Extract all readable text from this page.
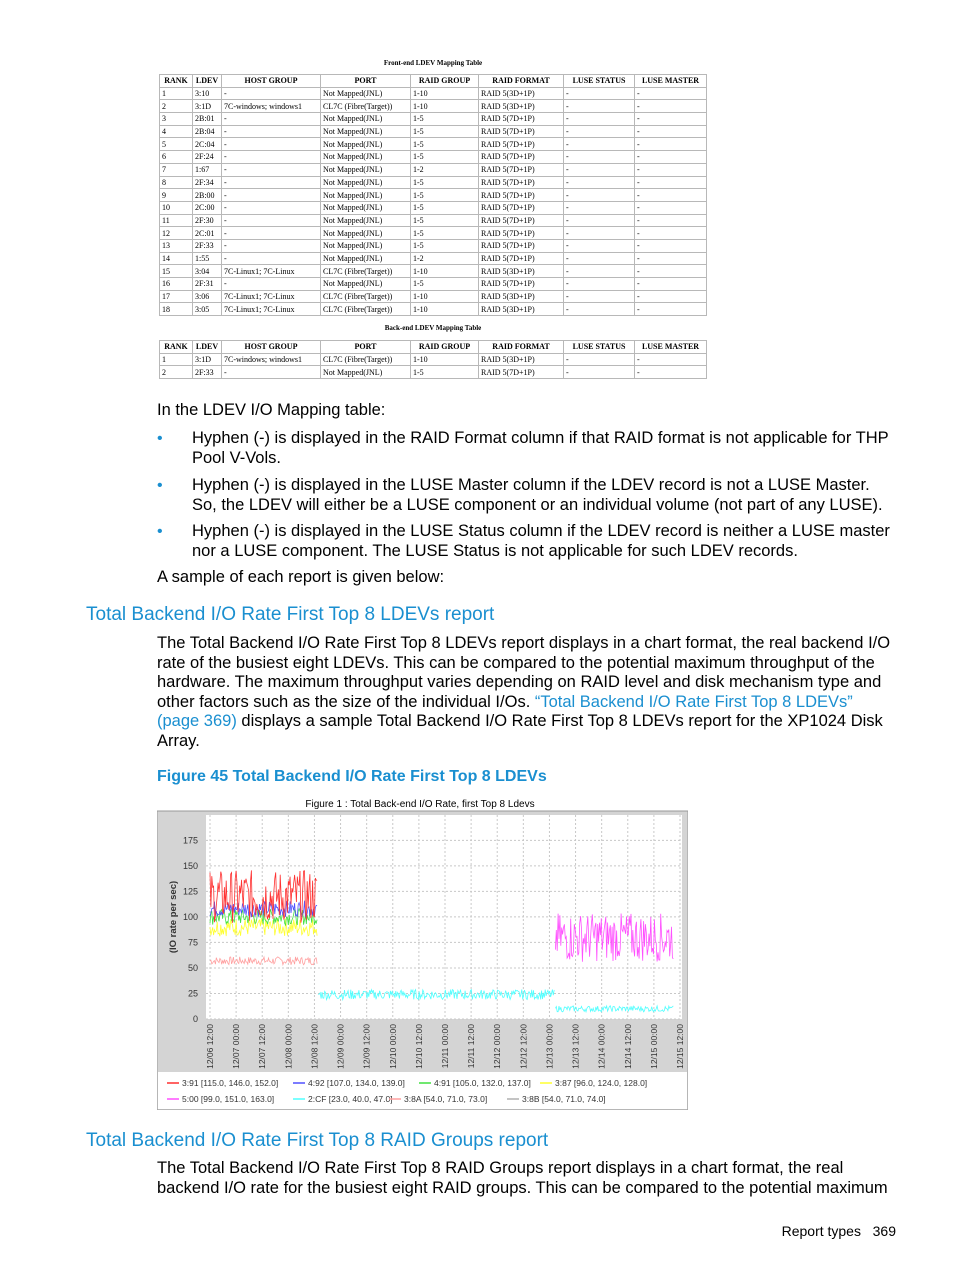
Front-end LDEV Mapping Table
RANK	LDEV	HOST GROUP	PORT	RAID GROUP	RAID FORMAT	LUSE STATUS	LUSE MASTER
1	3:10	-	Not Mapped(JNL)	1-10	RAID 5(3D+1P)	-	-
2	3:1D	7C-windows; windows1	CL7C (Fibre(Target))	1-10	RAID 5(3D+1P)	-	-
3	2B:01	-	Not Mapped(JNL)	1-5	RAID 5(7D+1P)	-	-
4	2B:04	-	Not Mapped(JNL)	1-5	RAID 5(7D+1P)	-	-
5	2C:04	-	Not Mapped(JNL)	1-5	RAID 5(7D+1P)	-	-
6	2F:24	-	Not Mapped(JNL)	1-5	RAID 5(7D+1P)	-	-
7	1:67	-	Not Mapped(JNL)	1-2	RAID 5(7D+1P)	-	-
8	2F:34	-	Not Mapped(JNL)	1-5	RAID 5(7D+1P)	-	-
9	2B:00	-	Not Mapped(JNL)	1-5	RAID 5(7D+1P)	-	-
10	2C:00	-	Not Mapped(JNL)	1-5	RAID 5(7D+1P)	-	-
11	2F:30	-	Not Mapped(JNL)	1-5	RAID 5(7D+1P)	-	-
12	2C:01	-	Not Mapped(JNL)	1-5	RAID 5(7D+1P)	-	-
13	2F:33	-	Not Mapped(JNL)	1-5	RAID 5(7D+1P)	-	-
14	1:55	-	Not Mapped(JNL)	1-2	RAID 5(7D+1P)	-	-
15	3:04	7C-Linux1; 7C-Linux	CL7C (Fibre(Target))	1-10	RAID 5(3D+1P)	-	-
16	2F:31	-	Not Mapped(JNL)	1-5	RAID 5(7D+1P)	-	-
17	3:06	7C-Linux1; 7C-Linux	CL7C (Fibre(Target))	1-10	RAID 5(3D+1P)	-	-
18	3:05	7C-Linux1; 7C-Linux	CL7C (Fibre(Target))	1-10	RAID 5(3D+1P)	-	-
Back-end LDEV Mapping Table
RANK	LDEV	HOST GROUP	PORT	RAID GROUP	RAID FORMAT	LUSE STATUS	LUSE MASTER
1	3:1D	7C-windows; windows1	CL7C (Fibre(Target))	1-10	RAID 5(3D+1P)	-	-
2	2F:33	-	Not Mapped(JNL)	1-5	RAID 5(7D+1P)	-	-
In the LDEV I/O Mapping table:
• Hyphen (-) is displayed in the RAID Format column if that RAID format is not applicable for THP Pool V-Vols.
• Hyphen (-) is displayed in the LUSE Master column if the LDEV record is not a LUSE Master. So, the LDEV will either be a LUSE component or an individual volume (not part of any LUSE).
• Hyphen (-) is displayed in the LUSE Status column if the LDEV record is neither a LUSE master nor a LUSE component. The LUSE Status is not applicable for such LDEV records.
A sample of each report is given below:
Total Backend I/O Rate First Top 8 LDEVs report
The Total Backend I/O Rate First Top 8 LDEVs report displays in a chart format, the real backend I/O rate of the busiest eight LDEVs. This can be compared to the potential maximum throughput of the hardware. The maximum throughput varies depending on RAID level and disk mechanism type and other factors such as the size of the individual I/Os. “Total Backend I/O Rate First Top 8 LDEVs” (page 369) displays a sample Total Backend I/O Rate First Top 8 LDEVs report for the XP1024 Disk Array.
Figure 45 Total Backend I/O Rate First Top 8 LDEVs
Figure 1 : Total Back-end I/O Rate, first Top 8 Ldevs
0
25
50
75
100
125
150
175
12/06 12:00 12/07 00:00 12/07 12:00 12/08 00:00 12/08 12:00 12/09 00:00 12/09 12:00 12/10 00:00 12/10 12:00 12/11 00:00 12/11 12:00 12/12 00:00 12/12 12:00 12/13 00:00 12/13 12:00 12/14 00:00 12/14 12:00 12/15 00:00 12/15 12:00
(IO rate per sec)
3:91 [115.0, 146.0, 152.0]	4:92 [107.0, 134.0, 139.0]	4:91 [105.0, 132.0, 137.0]	3:87 [96.0, 124.0, 128.0]
5:00 [99.0, 151.0, 163.0]	2:CF [23.0, 40.0, 47.0] 3:8A [54.0, 71.0, 73.0]	3:8B [54.0, 71.0, 74.0]
Total Backend I/O Rate First Top 8 RAID Groups report
The Total Backend I/O Rate First Top 8 RAID Groups report displays in a chart format, the real backend I/O rate for the busiest eight RAID groups. This can be compared to the potential maximum
Report types 369
